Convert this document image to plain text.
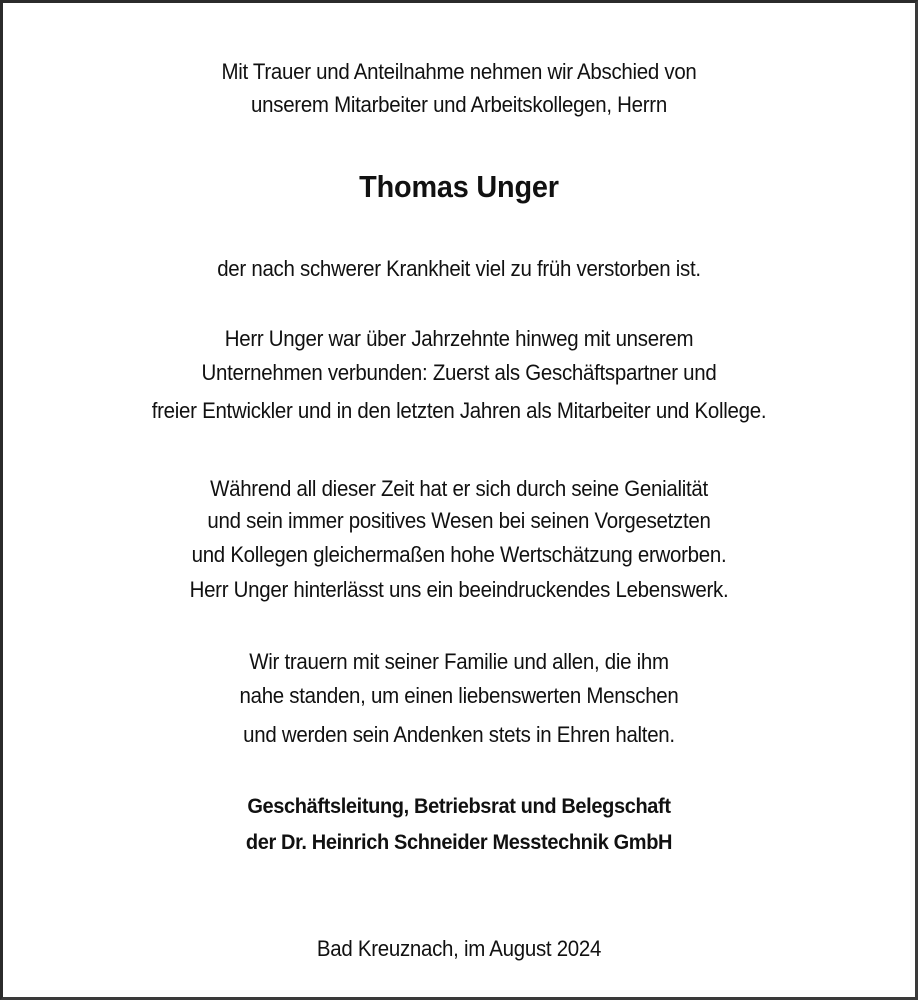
Mit Trauer und Anteilnahme nehmen wir Abschied von
unserem Mitarbeiter und Arbeitskollegen, Herrn
Thomas Unger
der nach schwerer Krankheit viel zu früh verstorben ist.
Herr Unger war über Jahrzehnte hinweg mit unserem
Unternehmen verbunden: Zuerst als Geschäftspartner und
freier Entwickler und in den letzten Jahren als Mitarbeiter und Kollege.
Während all dieser Zeit hat er sich durch seine Genialität
und sein immer positives Wesen bei seinen Vorgesetzten
und Kollegen gleichermaßen hohe Wertschätzung erworben.
Herr Unger hinterlässt uns ein beeindruckendes Lebenswerk.
Wir trauern mit seiner Familie und allen, die ihm
nahe standen, um einen liebenswerten Menschen
und werden sein Andenken stets in Ehren halten.
Geschäftsleitung, Betriebsrat und Belegschaft
der Dr. Heinrich Schneider Messtechnik GmbH
Bad Kreuznach, im August 2024
